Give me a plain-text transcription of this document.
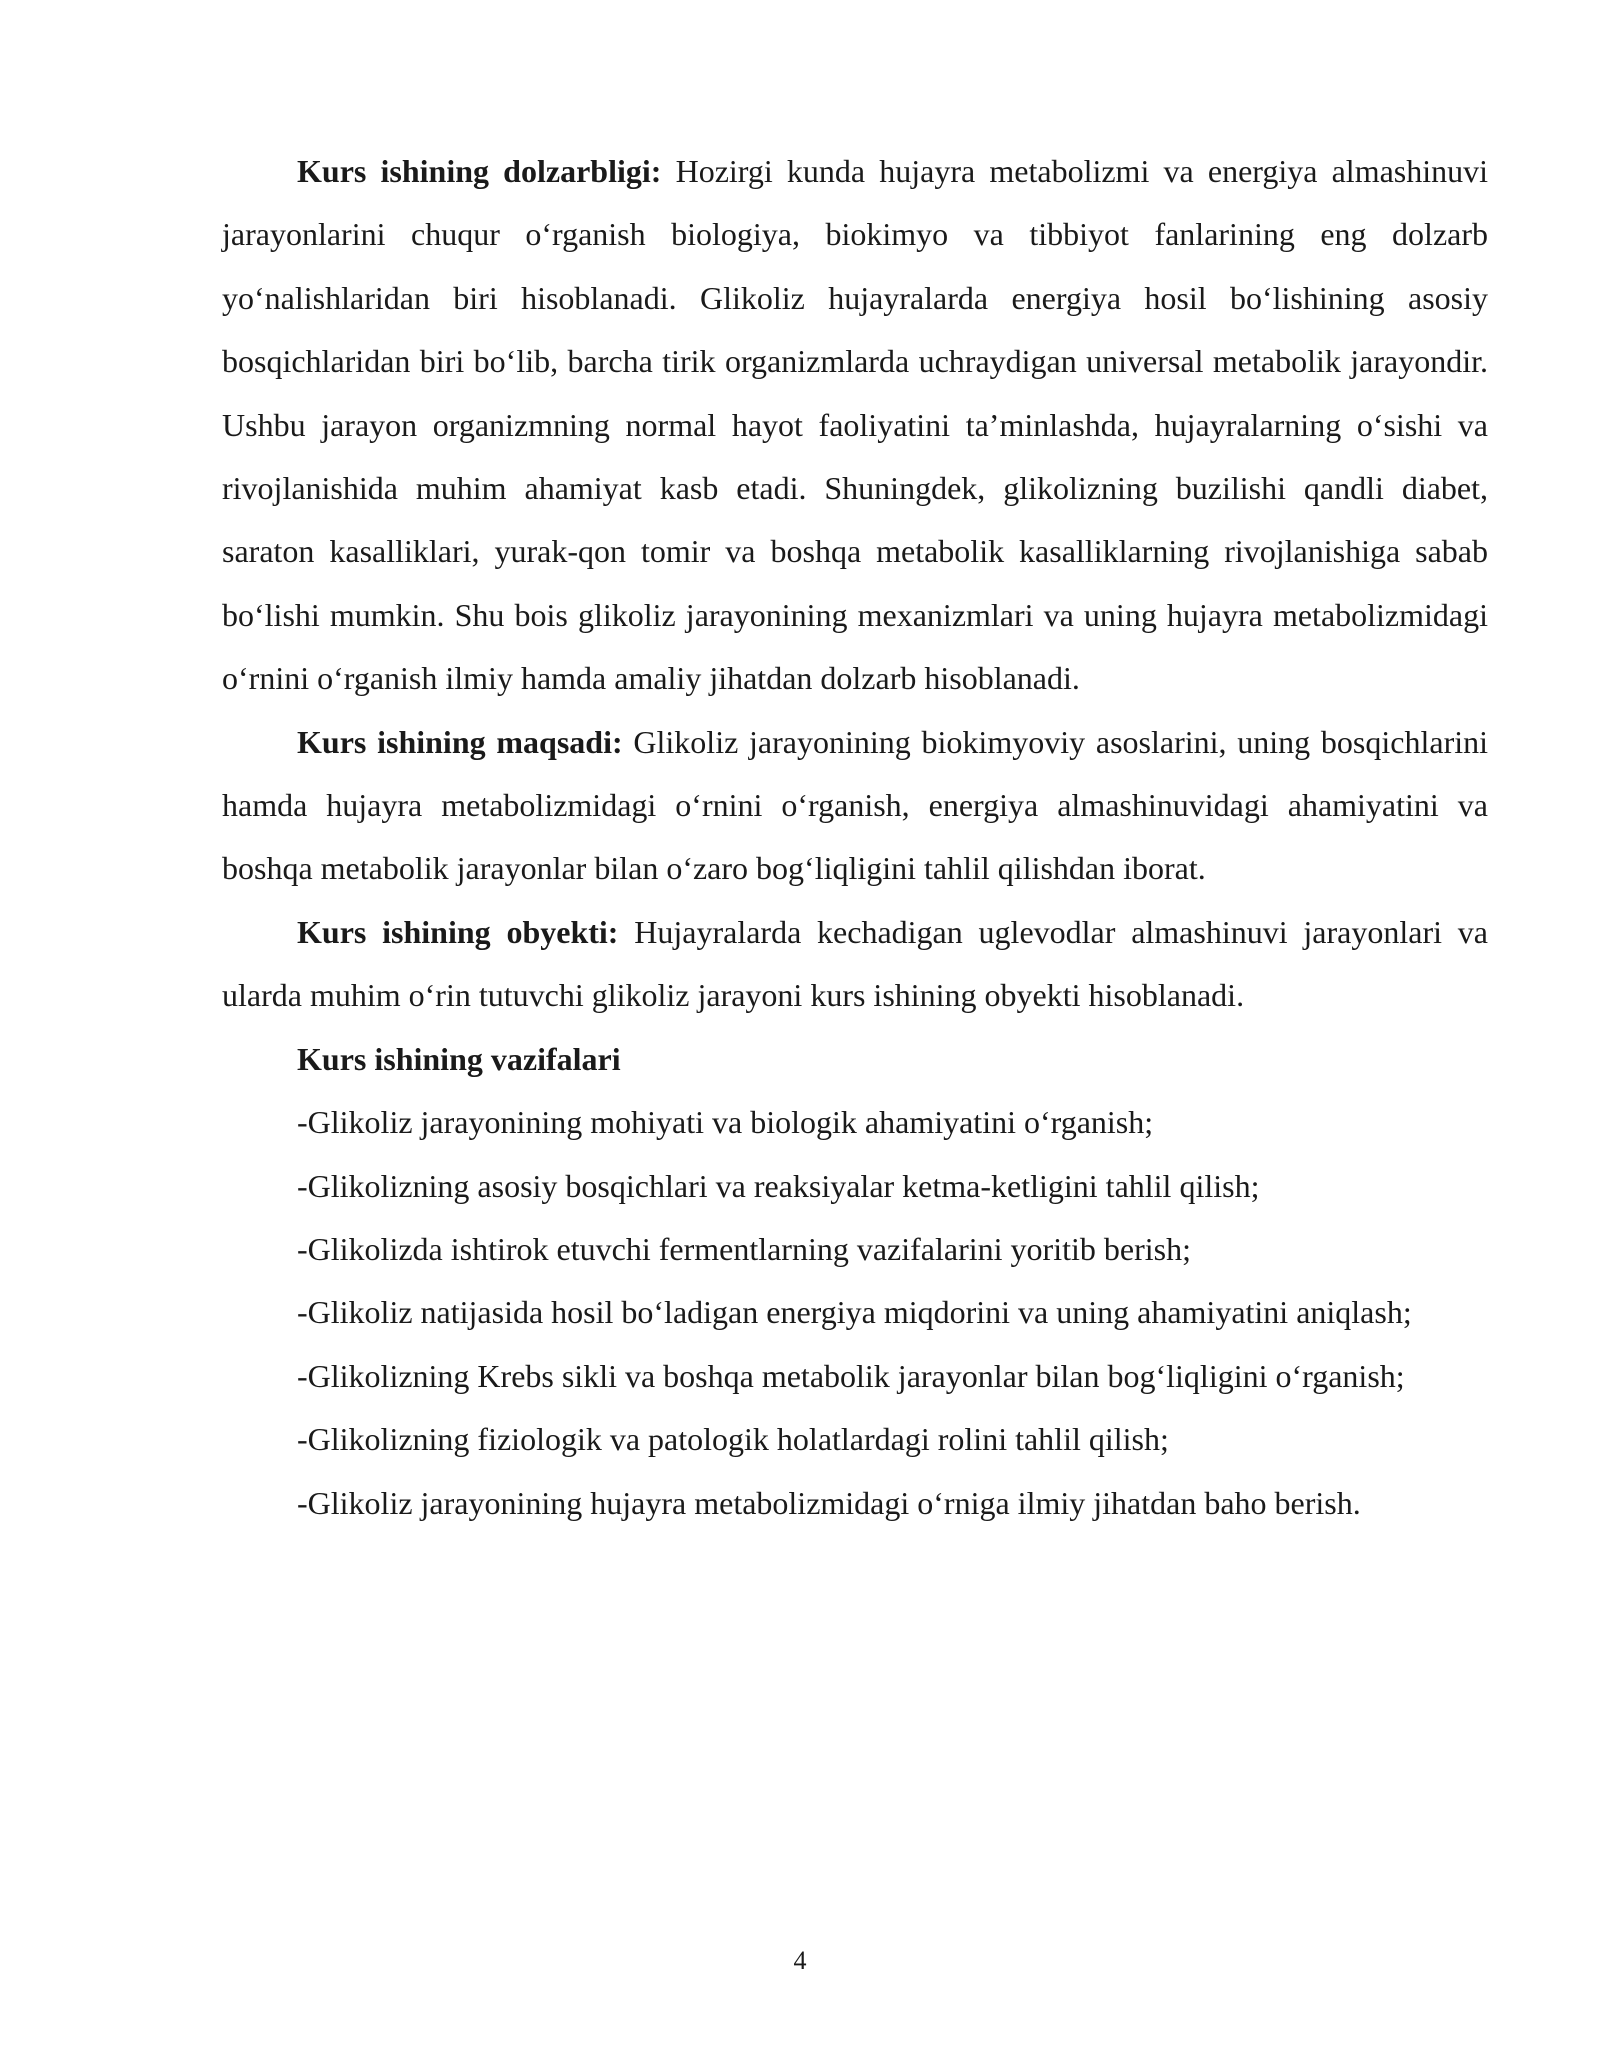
Kurs ishining dolzarbligi: Hozirgi kunda hujayra metabolizmi va energiya almashinuvi jarayonlarini chuqur o‘rganish biologiya, biokimyo va tibbiyot fanlarining eng dolzarb yo‘nalishlaridan biri hisoblanadi. Glikoliz hujayralarda energiya hosil bo‘lishining asosiy bosqichlaridan biri bo‘lib, barcha tirik organizmlarda uchraydigan universal metabolik jarayondir. Ushbu jarayon organizmning normal hayot faoliyatini ta’minlashda, hujayralarning o‘sishi va rivojlanishida muhim ahamiyat kasb etadi. Shuningdek, glikolizning buzilishi qandli diabet, saraton kasalliklari, yurak-qon tomir va boshqa metabolik kasalliklarning rivojlanishiga sabab bo‘lishi mumkin. Shu bois glikoliz jarayonining mexanizmlari va uning hujayra metabolizmidagi o‘rnini o‘rganish ilmiy hamda amaliy jihatdan dolzarb hisoblanadi.

Kurs ishining maqsadi: Glikoliz jarayonining biokimyoviy asoslarini, uning bosqichlarini hamda hujayra metabolizmidagi o‘rnini o‘rganish, energiya almashinuvidagi ahamiyatini va boshqa metabolik jarayonlar bilan o‘zaro bog‘liqligini tahlil qilishdan iborat.

Kurs ishining obyekti: Hujayralarda kechadigan uglevodlar almashinuvi jarayonlari va ularda muhim o‘rin tutuvchi glikoliz jarayoni kurs ishining obyekti hisoblanadi.

Kurs ishining vazifalari

-Glikoliz jarayonining mohiyati va biologik ahamiyatini o‘rganish;

-Glikolizning asosiy bosqichlari va reaksiyalar ketma-ketligini tahlil qilish;

-Glikolizda ishtirok etuvchi fermentlarning vazifalarini yoritib berish;

-Glikoliz natijasida hosil bo‘ladigan energiya miqdorini va uning ahamiyatini aniqlash;

-Glikolizning Krebs sikli va boshqa metabolik jarayonlar bilan bog‘liqligini o‘rganish;

-Glikolizning fiziologik va patologik holatlardagi rolini tahlil qilish;

-Glikoliz jarayonining hujayra metabolizmidagi o‘rniga ilmiy jihatdan baho berish.

4
